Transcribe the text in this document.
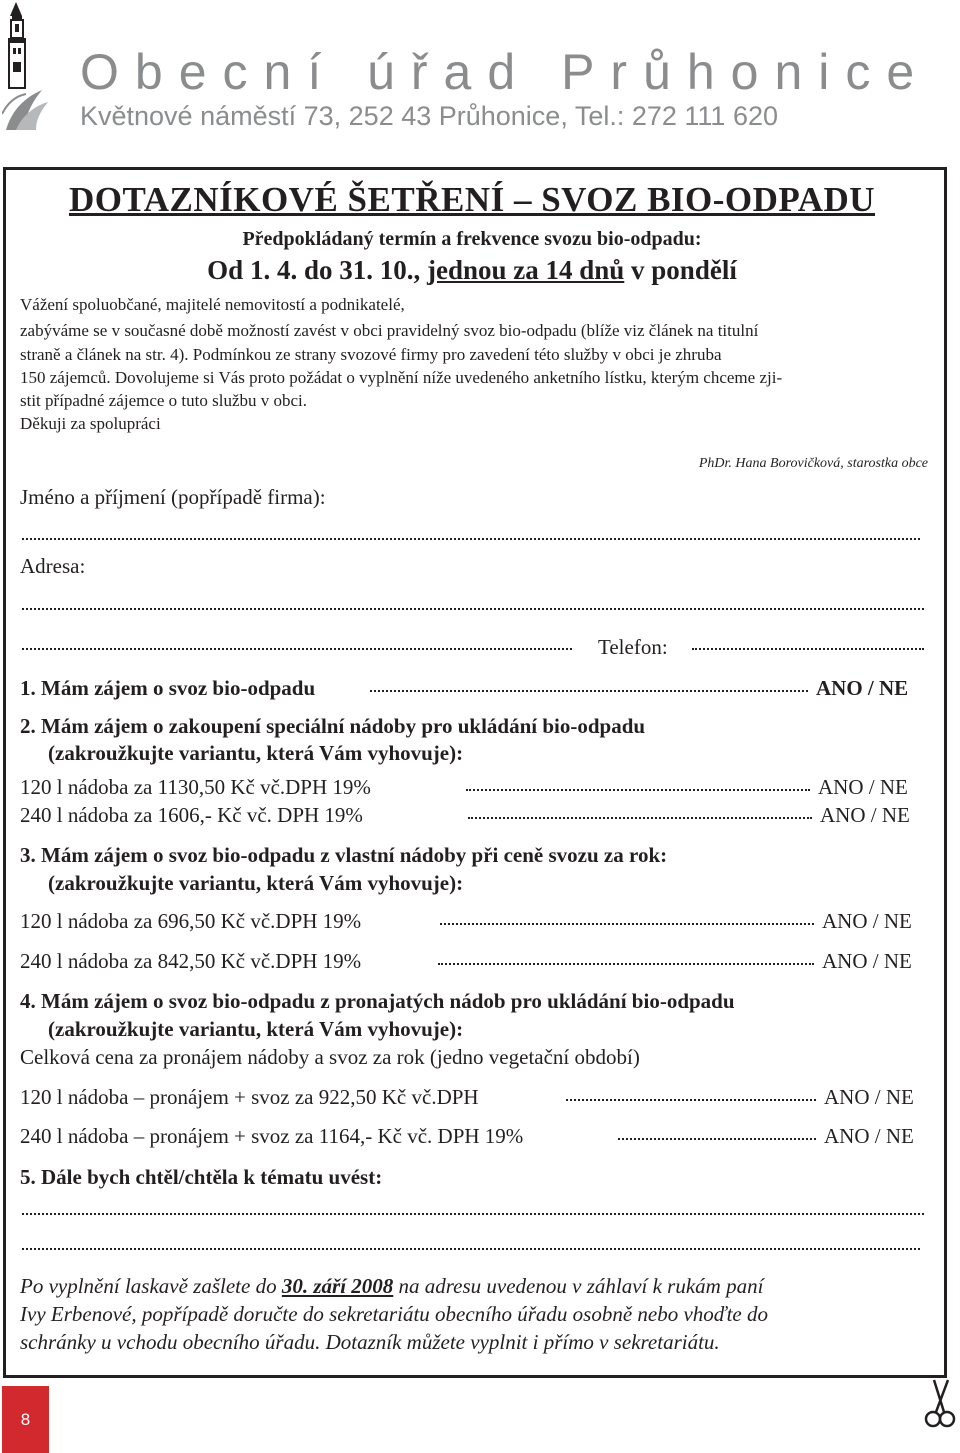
Obecní úřad Průhonice
Květnové náměstí 73, 252 43 Průhonice, Tel.: 272 111 620
DOTAZNÍKOVÉ ŠETŘENÍ – SVOZ BIO-ODPADU
Předpokládaný termín a frekvence svozu bio-odpadu:
Od 1. 4. do 31. 10., jednou za 14 dnů v pondělí
Vážení spoluobčané, majitelé nemovitostí a podnikatelé,
zabýváme se v současné době možností zavést v obci pravidelný svoz bio-odpadu (blíže viz článek na titulní
straně a článek na str. 4). Podmínkou ze strany svozové firmy pro zavedení této služby v obci je zhruba
150 zájemců. Dovolujeme si Vás proto požádat o vyplnění níže uvedeného anketního lístku, kterým chceme zji-
stit případné zájemce o tuto službu v obci.
Děkuji za spolupráci
PhDr. Hana Borovičková, starostka obce
Jméno a příjmení (popřípadě firma):
Adresa:
Telefon:
1. Mám zájem o svoz bio-odpadu	ANO / NE
2. Mám zájem o zakoupení speciální nádoby pro ukládání bio-odpadu
(zakroužkujte variantu, která Vám vyhovuje):
120 l nádoba za 1130,50 Kč vč.DPH 19%	ANO / NE
240 l nádoba za 1606,- Kč vč. DPH 19%	ANO / NE
3. Mám zájem o svoz bio-odpadu z vlastní nádoby při ceně svozu za rok:
(zakroužkujte variantu, která Vám vyhovuje):
120 l nádoba za 696,50 Kč vč.DPH 19%	ANO / NE
240 l nádoba za 842,50 Kč vč.DPH 19%	ANO / NE
4. Mám zájem o svoz bio-odpadu z pronajatých nádob pro ukládání bio-odpadu
(zakroužkujte variantu, která Vám vyhovuje):
Celková cena za pronájem nádoby a svoz za rok (jedno vegetační období)
120 l nádoba – pronájem + svoz za 922,50 Kč vč.DPH	ANO / NE
240 l nádoba – pronájem + svoz za 1164,- Kč vč. DPH 19%	ANO / NE
5. Dále bych chtěl/chtěla k tématu uvést:
Po vyplnění laskavě zašlete do 30. září 2008 na adresu uvedenou v záhlaví k rukám paní
Ivy Erbenové, popřípadě doručte do sekretariátu obecního úřadu osobně nebo vhoďte do
schránky u vchodu obecního úřadu. Dotazník můžete vyplnit i přímo v sekretariátu.
8
